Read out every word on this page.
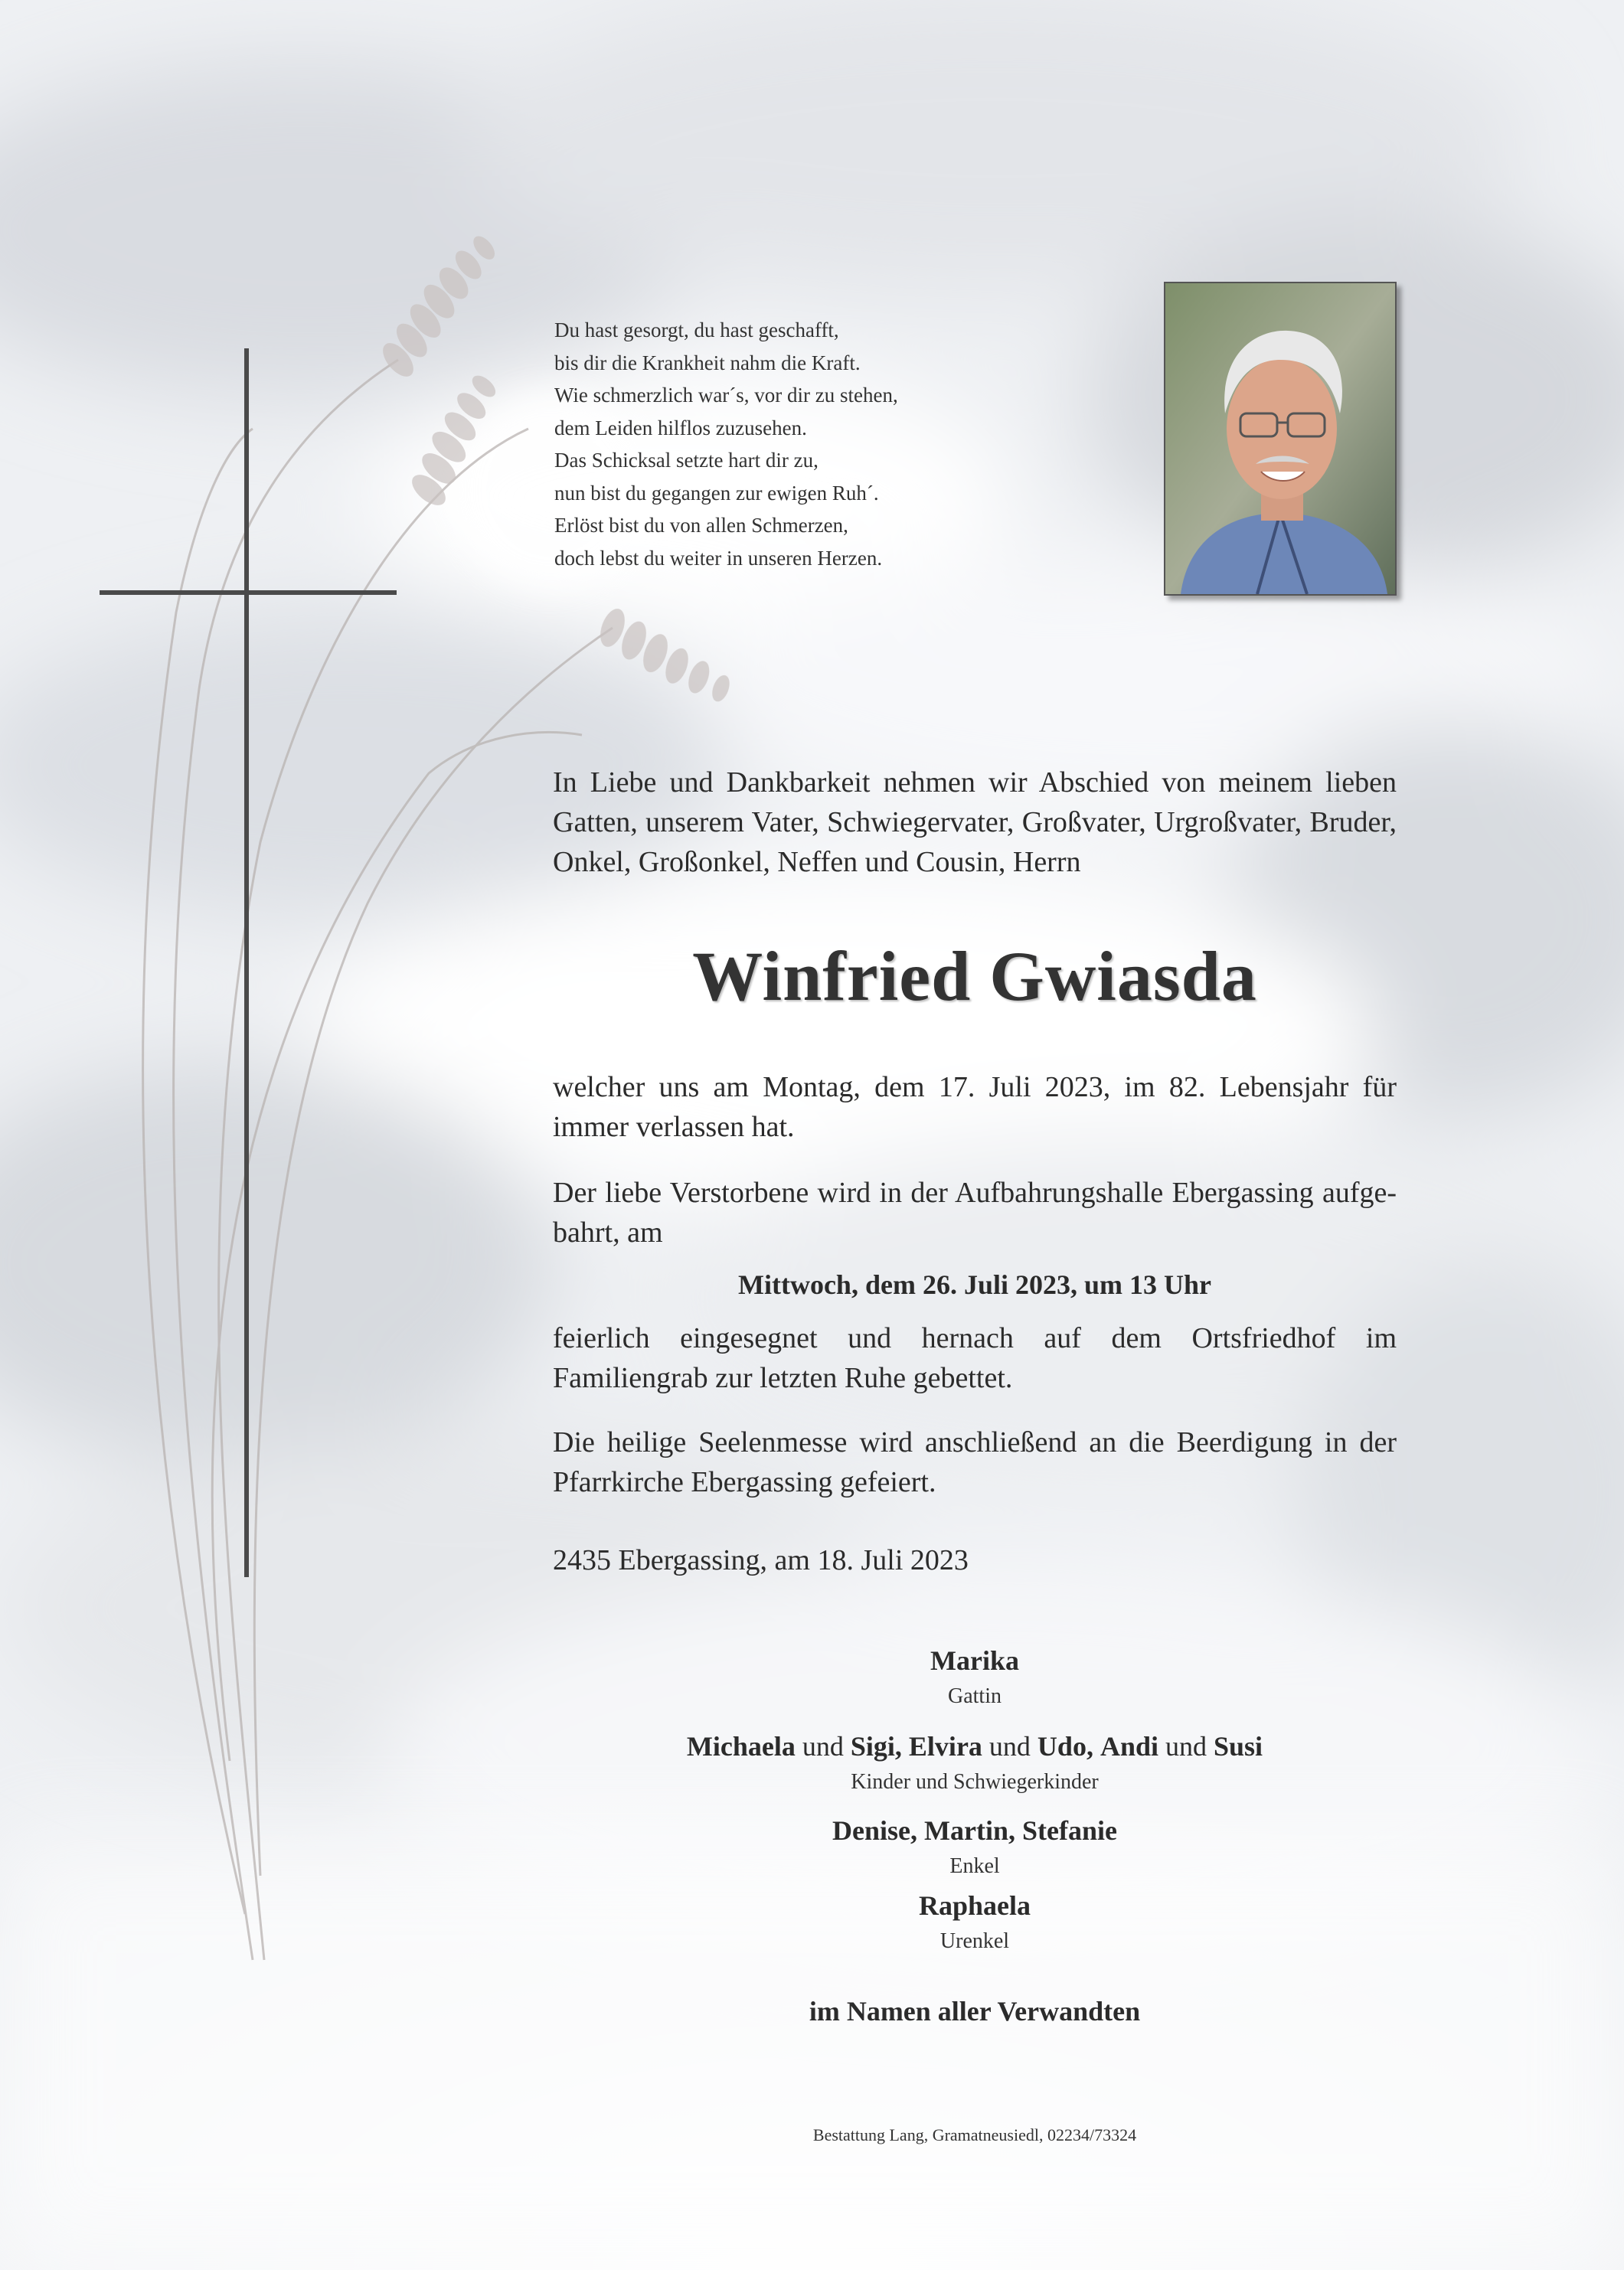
Du hast gesorgt, du hast geschafft,
bis dir die Krankheit nahm die Kraft.
Wie schmerzlich war´s, vor dir zu stehen,
dem Leiden hilflos zuzusehen.
Das Schicksal setzte hart dir zu,
nun bist du gegangen zur ewigen Ruh´.
Erlöst bist du von allen Schmerzen,
doch lebst du weiter in unseren Herzen.
In Liebe und Dankbarkeit nehmen wir Abschied von meinem lieben Gatten, unserem Vater, Schwiegervater, Großvater, Urgroßvater, Bruder, Onkel, Großonkel, Neffen und Cousin, Herrn
Winfried Gwiasda
welcher uns am Montag, dem 17. Juli 2023, im 82. Lebensjahr für immer verlassen hat.
Der liebe Verstorbene wird in der Aufbahrungshalle Ebergassing aufge-bahrt, am
Mittwoch, dem 26. Juli 2023, um 13 Uhr
feierlich eingesegnet und hernach auf dem Ortsfriedhof im Familiengrab zur letzten Ruhe gebettet.
Die heilige Seelenmesse wird anschließend an die Beerdigung in der Pfarrkirche Ebergassing gefeiert.
2435 Ebergassing, am 18. Juli 2023
Marika
Gattin
Michaela und Sigi, Elvira und Udo, Andi und Susi
Kinder und Schwiegerkinder
Denise, Martin, Stefanie
Enkel
Raphaela
Urenkel
im Namen aller Verwandten
Bestattung Lang, Gramatneusiedl, 02234/73324
